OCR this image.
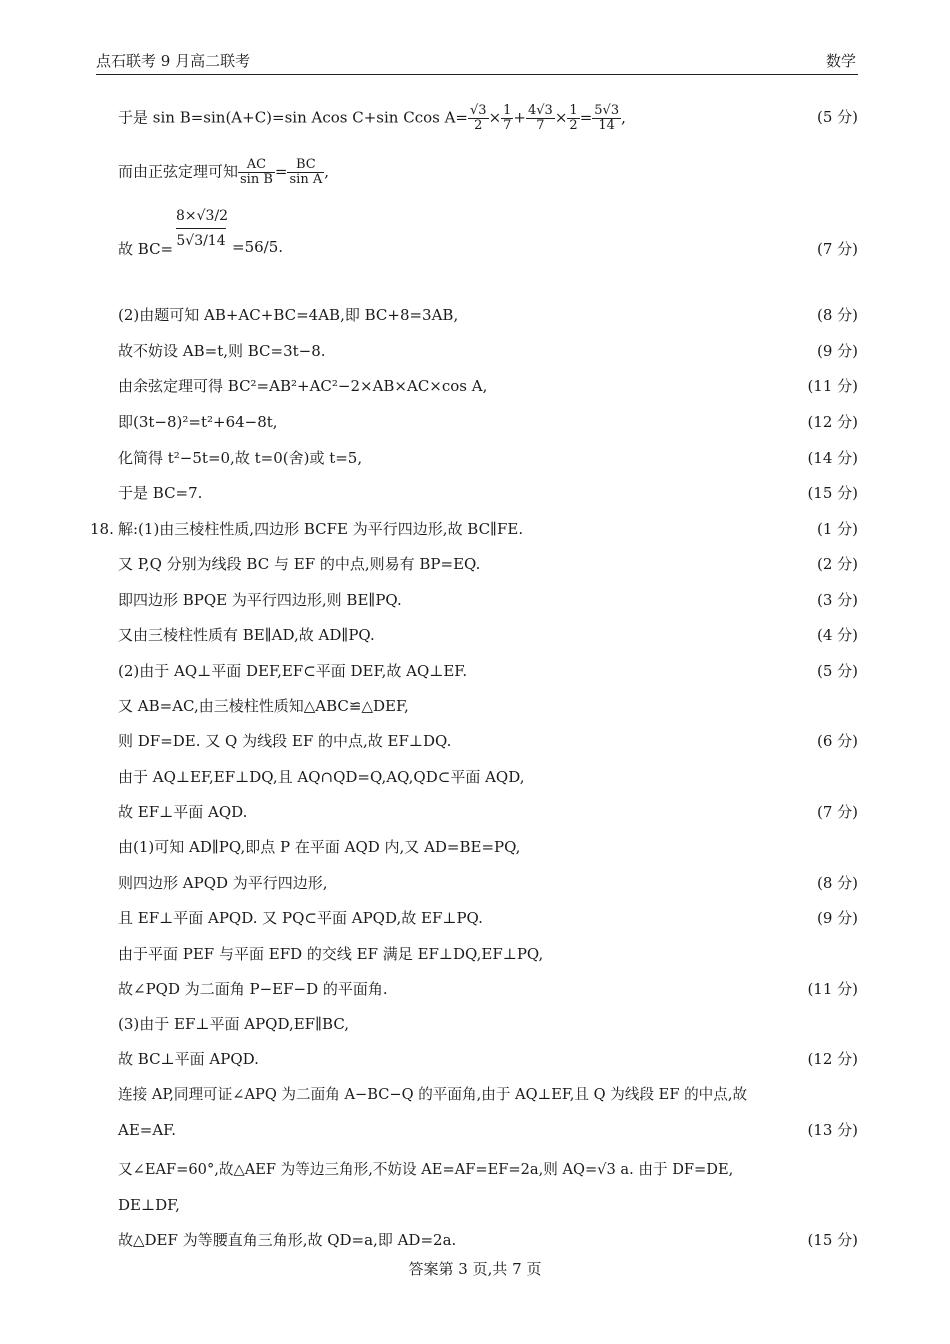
点石联考 9 月高二联考	数学
于是 sin B=sin(A+C)=sin Acos C+sin Ccos $A= \frac{√3}{2} \times \frac{1}{7} + \frac{4√3}{7} \times \frac{1}{2} = \frac{5√3}{14}$ ,	(5 分)
而由正弦定理可知 $\frac{AC}{\text{sin B}} = \frac{BC}{\text{sin A}}$ ,
故 BC=
8×√3/2
5√3/14 =56/5.	(7 分)
18.
(2)由题可知 AB+AC+BC=4AB,即 BC+8=3AB,	(8 分)
故不妨设 AB=t,则 BC=3t−8.	(9 分)
由余弦定理可得 BC²=AB²+AC²−2×AB×AC×cos A,	(11 分)
即(3t−8)²=t²+64−8t,	(12 分)
化简得 t²−5t=0,故 t=0(舍)或 t=5,	(14 分)
于是 BC=7.	(15 分)
解:(1)由三棱柱性质,四边形 BCFE 为平行四边形,故 BC∥FE.	(1 分)
又 P,Q 分别为线段 BC 与 EF 的中点,则易有 BP=EQ.	(2 分)
即四边形 BPQE 为平行四边形,则 BE∥PQ.	(3 分)
又由三棱柱性质有 BE∥AD,故 AD∥PQ.	(4 分)
(2)由于 AQ⊥平面 DEF,EF⊂平面 DEF,故 AQ⊥EF.	(5 分)
又 AB=AC,由三棱柱性质知△ABC≌△DEF,
则 DF=DE. 又 Q 为线段 EF 的中点,故 EF⊥DQ.	(6 分)
由于 AQ⊥EF,EF⊥DQ,且 AQ∩QD=Q,AQ,QD⊂平面 AQD,
故 EF⊥平面 AQD.	(7 分)
由(1)可知 AD∥PQ,即点 P 在平面 AQD 内,又 AD=BE=PQ,
则四边形 APQD 为平行四边形,	(8 分)
且 EF⊥平面 APQD. 又 PQ⊂平面 APQD,故 EF⊥PQ.	(9 分)
由于平面 PEF 与平面 EFD 的交线 EF 满足 EF⊥DQ,EF⊥PQ,
故∠PQD 为二面角 P−EF−D 的平面角.	(11 分)
(3)由于 EF⊥平面 APQD,EF∥BC,
故 BC⊥平面 APQD.	(12 分)
连接 AP,同理可证∠APQ 为二面角 A−BC−Q 的平面角,由于 AQ⊥EF,且 Q 为线段 EF 的中点,故
AE=AF.	(13 分)
又∠EAF=60°,故△AEF 为等边三角形,不妨设 AE=AF=EF=2a,则 AQ=√3 a. 由于 DF=DE,
DE⊥DF,
故△DEF 为等腰直角三角形,故 QD=a,即 AD=2a.	(15 分)
答案第 3 页,共 7 页
